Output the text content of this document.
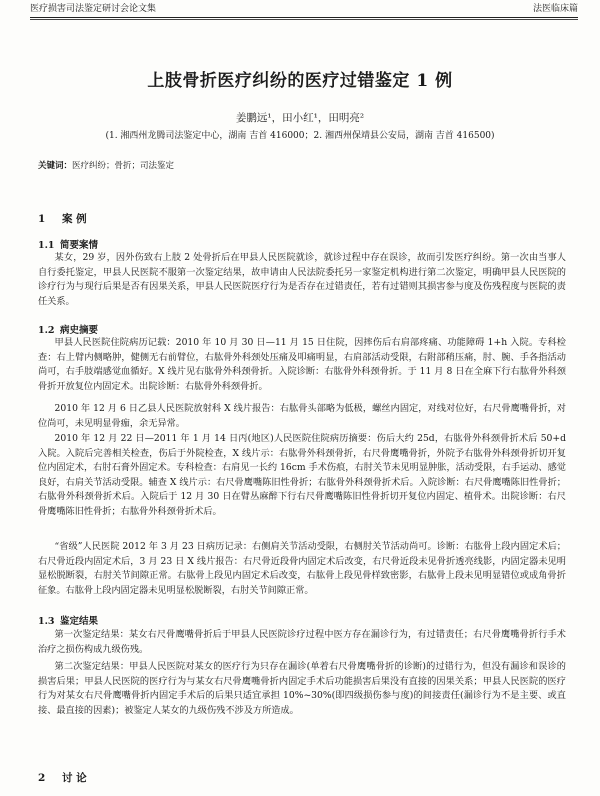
医疗损害司法鉴定研讨会论文集	法医临床篇
上肢骨折医疗纠纷的医疗过错鉴定 1 例
姜鹏远¹，田小红¹，田明亮²
(1. 湘西州龙腾司法鉴定中心，湖南 吉首 416000；2. 湘西州保靖县公安局，湖南 吉首 416500)
关键词：医疗纠纷；骨折；司法鉴定
1 案 例
1.1 简要案情

某女，29 岁，因外伤致右上肢 2 处骨折后在甲县人民医院就诊，就诊过程中存在误诊，故而引发医疗纠纷。第一次由当事人自行委托鉴定，甲县人民医院不服第一次鉴定结果，故申请由人民法院委托另一家鉴定机构进行第二次鉴定，明确甲县人民医院的诊疗行为与现行后果是否有因果关系，甲县人民医院医疗行为是否存在过错责任，若有过错则其损害参与度及伤残程度与医院的责任关系。

1.2 病史摘要

甲县人民医院住院病历记载：2010 年 10 月 30 日—11 月 15 日住院，因摔伤后右肩部疼痛、功能障碍 1+h 入院。专科检查：右上臂内侧略肿，健侧无右前臂位，右肱骨外科颈处压痛及叩痛明显，右肩部活动受限，右附部稍压痛，肘、腕、手各指活动尚可，右手肢端感觉血循好。X 线片见右肱骨外科颈骨折。入院诊断：右肱骨外科颈骨折。于 11 月 8 日在全麻下行右肱骨外科颈骨折开放复位内固定术。出院诊断：右肱骨外科颈骨折。

2010 年 12 月 6 日乙县人民医院放射科 X 线片报告：右肱骨头部略为低极，螺丝内固定，对线对位好，右尺骨鹰嘴骨折，对位尚可，未见明显骨痂，余无异常。

2010 年 12 月 22 日—2011 年 1 月 14 日丙(地区)人民医院住院病历摘要：伤后大约 25d，右肱骨外科颈骨折术后 50+d 入院。入院后完善相关检查，伤后于外院检查，X 线片示：右肱骨外科颈骨折，右尺骨鹰嘴骨折，外院予右肱骨外科颈骨折切开复位内固定术，右肘石膏外固定术。专科检查：右肩见一长约 16cm 手术伤痕，右肘关节未见明显肿胀，活动受限，右手运动、感觉良好，右肩关节活动受限。辅查 X 线片示：右尺骨鹰嘴陈旧性骨折；右肱骨外科颈骨折术后。入院诊断：右尺骨鹰嘴陈旧性骨折；右肱骨外科颈骨折术后。入院后于 12 月 30 日在臂丛麻醉下行右尺骨鹰嘴陈旧性骨折切开复位内固定、植骨术。出院诊断：右尺骨鹰嘴陈旧性骨折；右肱骨外科颈骨折术后。

“省级”人民医院 2012 年 3 月 23 日病历记录：右侧肩关节活动受限，右侧肘关节活动尚可。诊断：右肱骨上段内固定术后；右尺骨近段内固定术后，3 月 23 日 X 线片报告：右尺骨近段骨内固定术后改变，右尺骨近段未见骨折透亮线影，内固定器未见明显松脱断裂，右肘关节间隙正常。右肱骨上段见内固定术后改变，右肱骨上段见骨样致密影，右肱骨上段未见明显错位或成角骨折征象。右肱骨上段内固定器未见明显松脱断裂，右肘关节间隙正常。

1.3 鉴定结果

第一次鉴定结果：某女右尺骨鹰嘴骨折后于甲县人民医院诊疗过程中医方存在漏诊行为，有过错责任；右尺骨鹰嘴骨折行手术治疗之损伤构成九级伤残。

第二次鉴定结果：甲县人民医院对某女的医疗行为只存在漏诊(单着右尺骨鹰嘴骨折的诊断)的过错行为，但没有漏诊和误诊的损害后果；甲县人民医院的医疗行为与某女右尺骨鹰嘴骨折内固定手术后功能损害后果没有直接的因果关系；甲县人民医院的医疗行为对某女右尺骨鹰嘴骨折内固定手术后的后果只适宜承担 10%~30%(即四级损伤参与度)的间接责任(漏诊行为不是主要、或直接、最直接的因素)；被鉴定人某女的九级伤残不涉及方所造成。

2 讨 论
